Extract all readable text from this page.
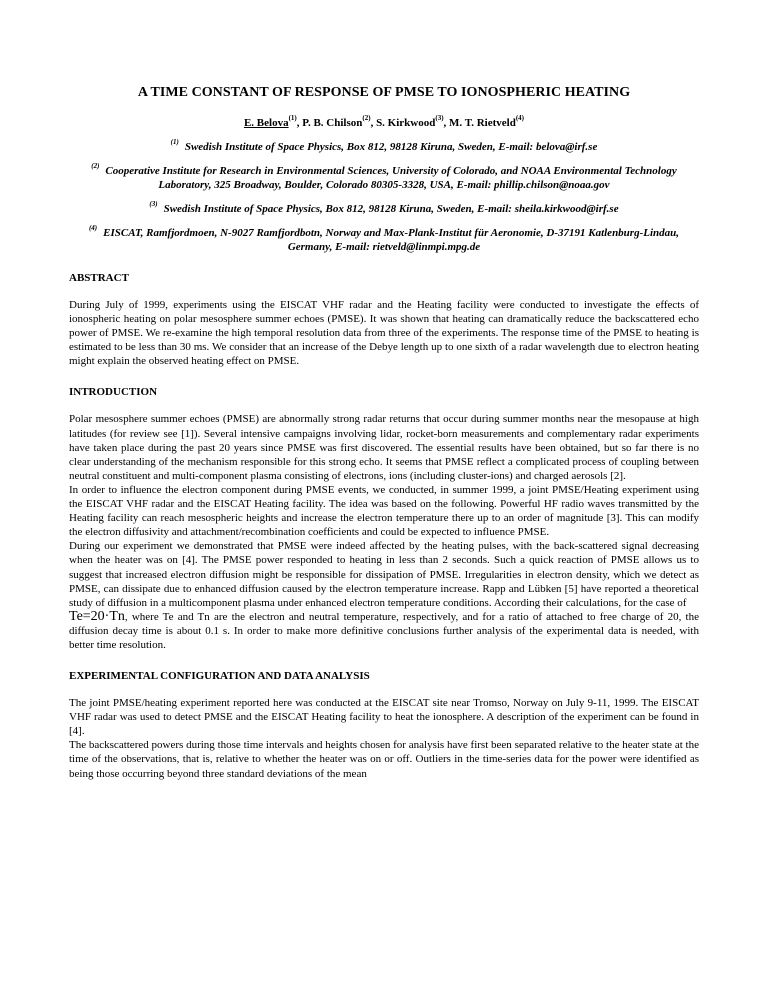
A TIME CONSTANT OF RESPONSE OF PMSE TO IONOSPHERIC HEATING

E. Belova$^{(1)}$, P. B. Chilson$^{(2)}$, S. Kirkwood$^{(3)}$, M. T. Rietveld$^{(4)}$

$^{(1)}$ Swedish Institute of Space Physics, Box 812, 98128 Kiruna, Sweden, E-mail: belova@irf.se

$^{(2)}$ Cooperative Institute for Research in Environmental Sciences, University of Colorado, and NOAA Environmental Technology Laboratory, 325 Broadway, Boulder, Colorado 80305-3328, USA, E-mail: phillip.chilson@noaa.gov

$^{(3)}$ Swedish Institute of Space Physics, Box 812, 98128 Kiruna, Sweden, E-mail: sheila.kirkwood@irf.se

$^{(4)}$ EISCAT, Ramfjordmoen, N-9027 Ramfjordbotn, Norway and Max-Plank-Institut für Aeronomie, D-37191 Katlenburg-Lindau, Germany, E-mail: rietveld@linmpi.mpg.de

ABSTRACT

During July of 1999, experiments using the EISCAT VHF radar and the Heating facility were conducted to investigate the effects of ionospheric heating on polar mesosphere summer echoes (PMSE). It was shown that heating can dramatically reduce the backscattered echo power of PMSE. We re-examine the high temporal resolution data from three of the experiments. The response time of the PMSE to heating is estimated to be less than 30 ms. We consider that an increase of the Debye length up to one sixth of a radar wavelength due to electron heating might explain the observed heating effect on PMSE.

INTRODUCTION

Polar mesosphere summer echoes (PMSE) are abnormally strong radar returns that occur during summer months near the mesopause at high latitudes (for review see [1]). Several intensive campaigns involving lidar, rocket-born measurements and complementary radar experiments have taken place during the past 20 years since PMSE was first discovered. The essential results have been obtained, but so far there is no clear understanding of the mechanism responsible for this strong echo. It seems that PMSE reflect a complicated process of coupling between neutral constituent and multi-component plasma consisting of electrons, ions (including cluster-ions) and charged aerosols [2].

In order to influence the electron component during PMSE events, we conducted, in summer 1999, a joint PMSE/Heating experiment using the EISCAT VHF radar and the EISCAT Heating facility. The idea was based on the following. Powerful HF radio waves transmitted by the Heating facility can reach mesospheric heights and increase the electron temperature there up to an order of magnitude [3]. This can modify the electron diffusivity and attachment/recombination coefficients and could be expected to influence PMSE.

During our experiment we demonstrated that PMSE were indeed affected by the heating pulses, with the back-scattered signal decreasing when the heater was on [4]. The PMSE power responded to heating in less than 2 seconds. Such a quick reaction of PMSE allows us to suggest that increased electron diffusion might be responsible for dissipation of PMSE. Irregularities in electron density, which we detect as PMSE, can dissipate due to enhanced diffusion caused by the electron temperature increase. Rapp and Lübken [5] have reported a theoretical study of diffusion in a multicomponent plasma under enhanced electron temperature conditions. According their calculations, for the case of
Te=20·Tn, where Te and Tn are the electron and neutral temperature, respectively, and for a ratio of attached to free charge of 20, the diffusion decay time is about 0.1 s. In order to make more definitive conclusions further analysis of the experimental data is needed, with better time resolution.

EXPERIMENTAL CONFIGURATION AND DATA ANALYSIS

The joint PMSE/heating experiment reported here was conducted at the EISCAT site near Tromso, Norway on July 9-11, 1999. The EISCAT VHF radar was used to detect PMSE and the EISCAT Heating facility to heat the ionosphere. A description of the experiment can be found in [4].

The backscattered powers during those time intervals and heights chosen for analysis have first been separated relative to the heater state at the time of the observations, that is, relative to whether the heater was on or off. Outliers in the time-series data for the power were identified as being those occurring beyond three standard deviations of the mean
